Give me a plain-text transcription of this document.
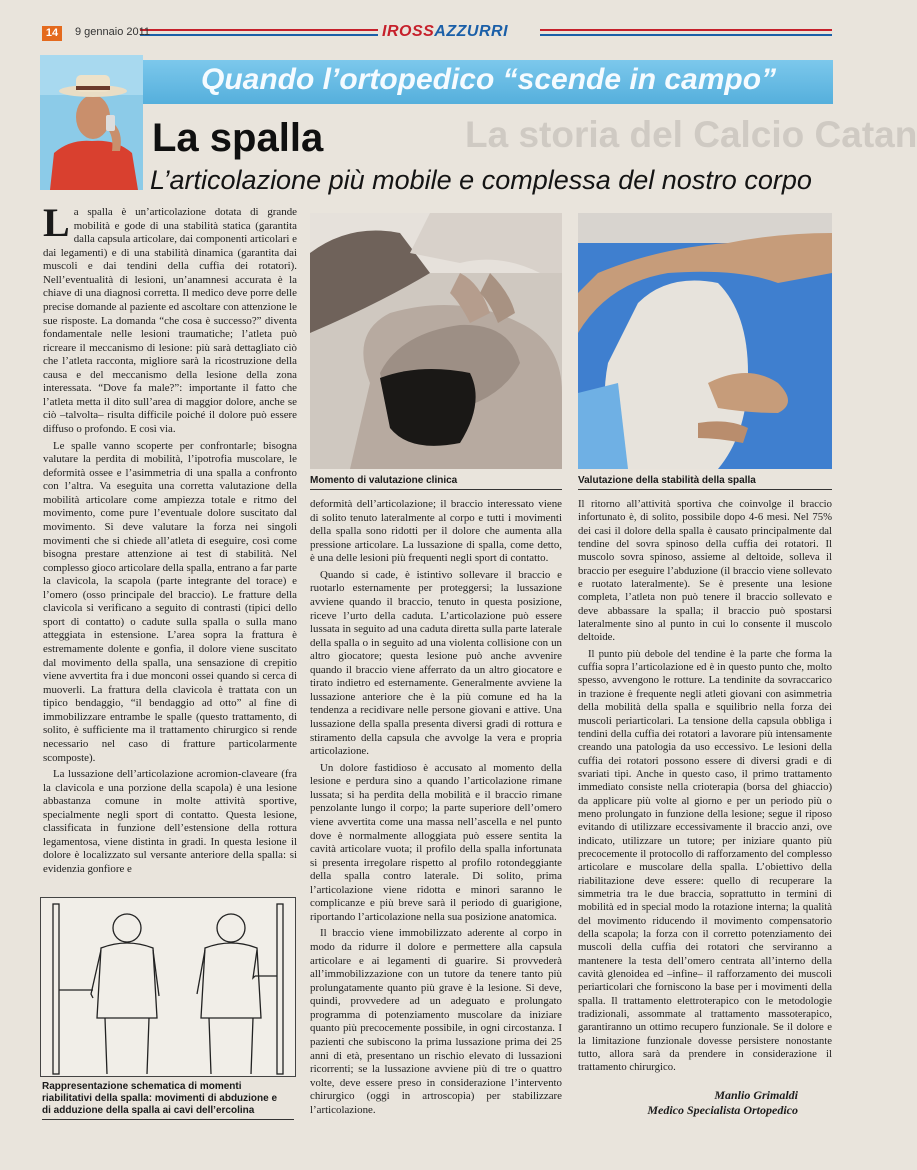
14	9 gennaio 2011	IROSSAZZURRI
Quando l’ortopedico “scende in campo”
La storia del Calcio Catan
La spalla
L’articolazione più mobile e complessa del nostro corpo
Momento di valutazione clinica	Valutazione della stabilità della spalla

La spalla è un’articolazione dotata di grande mobilità e gode di una stabilità statica (garantita dalla capsula articolare, dai componenti articolari e dai legamenti) e di una stabilità dinamica (garantita dai muscoli e dai tendini della cuffia dei rotatori). Nell’eventualità di lesioni, un’anamnesi accurata è la chiave di una diagnosi corretta. Il medico deve porre delle precise domande al paziente ed ascoltare con attenzione le sue risposte. La domanda “che cosa è successo?” diventa fondamentale nelle lesioni traumatiche; l’atleta può ricreare il meccanismo di lesione: più sarà dettagliato ciò che l’atleta racconta, migliore sarà la ricostruzione della causa e del meccanismo della lesione della zona interessata. “Dove fa male?”: importante il fatto che l’atleta metta il dito sull’area di maggior dolore, anche se ciò –talvolta– risulta difficile poiché il dolore può essere diffuso o profondo. E così via.

Le spalle vanno scoperte per confrontarle; bisogna valutare la perdita di mobilità, l’ipotrofia muscolare, le deformità ossee e l’asimmetria di una spalla a confronto con l’altra. Va eseguita una corretta valutazione della mobilità articolare come ampiezza totale e ritmo del movimento, come pure l’eventuale dolore suscitato dal movimento. Si deve valutare la forza nei singoli movimenti che si chiede all’atleta di eseguire, così come bisogna prestare attenzione ai test di stabilità. Nel complesso gioco articolare della spalla, entrano a far parte la clavicola, la scapola (parte integrante del torace) e l’omero (osso principale del braccio). Le fratture della clavicola si verificano a seguito di contrasti (tipici dello sport di contatto) o cadute sulla spalla o sulla mano atteggiata in estensione. L’area sopra la frattura è estremamente dolente e gonfia, il dolore viene suscitato dal movimento della spalla, una sensazione di crepitio viene avvertita fra i due monconi ossei quando si cerca di muoverli. La frattura della clavicola è trattata con un tipico bendaggio, “il bendaggio ad otto” al fine di immobilizzare entrambe le spalle (questo trattamento, di solito, è sufficiente ma il trattamento chirurgico si rende necessario nel caso di fratture particolarmente scomposte).

La lussazione dell’articolazione acromion-claveare (fra la clavicola e una porzione della scapola) è una lesione abbastanza comune in molte attività sportive, specialmente negli sport di contatto. Questa lesione, classificata in funzione dell’estensione della rottura legamentosa, viene distinta in gradi. In questa lesione il dolore è localizzato sul versante anteriore della spalla: si evidenzia gonfiore e

Rappresentazione schematica di momenti riabilitativi della spalla: movimenti di abduzione e di adduzione della spalla ai cavi dell’ercolina

deformità dell’articolazione; il braccio interessato viene di solito tenuto lateralmente al corpo e tutti i movimenti della spalla sono ridotti per il dolore che aumenta alla pressione articolare. La lussazione di spalla, come detto, è una delle lesioni più frequenti negli sport di contatto.

Quando si cade, è istintivo sollevare il braccio e ruotarlo esternamente per proteggersi; la lussazione avviene quando il braccio, tenuto in questa posizione, riceve l’urto della caduta. L’articolazione può essere lussata in seguito ad una caduta diretta sulla parte laterale della spalla o in seguito ad una violenta collisione con un altro giocatore; questa lesione può anche avvenire quando il braccio viene afferrato da un altro giocatore e tirato indietro ed esternamente. Generalmente avviene la lussazione anteriore che è la più comune ed ha la tendenza a recidivare nelle persone giovani e attive. Una lussazione della spalla presenta diversi gradi di rottura e stiramento della capsula che avvolge la vera e propria articolazione.

Un dolore fastidioso è accusato al momento della lesione e perdura sino a quando l’articolazione rimane lussata; si ha perdita della mobilità e il braccio rimane penzolante lungo il corpo; la parte superiore dell’omero viene avvertita come una massa nell’ascella e nel punto dove è normalmente alloggiata può essere sentita la cavità articolare vuota; il profilo della spalla infortunata si presenta irregolare rispetto al profilo rotondeggiante della spalla contro laterale. Di solito, prima l’articolazione viene ridotta e minori saranno le complicanze e più breve sarà il periodo di guarigione, riportando l’articolazione nella sua posizione anatomica.

Il braccio viene immobilizzato aderente al corpo in modo da ridurre il dolore e permettere alla capsula articolare e ai legamenti di guarire. Si provvederà all’immobilizzazione con un tutore da tenere tanto più prolungatamente quanto più grave è la lesione. Si deve, quindi, provvedere ad un adeguato e prolungato programma di potenziamento muscolare da iniziare quanto più precocemente possibile, in ogni circostanza. I pazienti che subiscono la prima lussazione prima dei 25 anni di età, presentano un rischio elevato di lussazioni ricorrenti; se la lussazione avviene più di tre o quattro volte, deve essere preso in considerazione l’intervento chirurgico (oggi in artroscopia) per stabilizzare l’articolazione.

Il ritorno all’attività sportiva che coinvolge il braccio infortunato è, di solito, possibile dopo 4-6 mesi. Nel 75% dei casi il dolore della spalla è causato principalmente dal tendine del sovra spinoso della cuffia dei rotatori. Il muscolo sovra spinoso, assieme al deltoide, solleva il braccio per eseguire l’abduzione (il braccio viene sollevato e ruotato lateralmente). Se è presente una lesione completa, l’atleta non può tenere il braccio sollevato e deve abbassare la spalla; il braccio può spostarsi lateralmente sino al punto in cui lo consente il muscolo deltoide.

Il punto più debole del tendine è la parte che forma la cuffia sopra l’articolazione ed è in questo punto che, molto spesso, avvengono le rotture. La tendinite da sovraccarico in trazione è frequente negli atleti giovani con asimmetria della mobilità della spalla e squilibrio nella forza dei muscoli periarticolari. La tensione della capsula obbliga i tendini della cuffia dei rotatori a lavorare più intensamente creando una patologia da uso eccessivo. Le lesioni della cuffia dei rotatori possono essere di diversi gradi e di svariati tipi. Anche in questo caso, il primo trattamento immediato consiste nella crioterapia (borsa del ghiaccio) da applicare più volte al giorno e per un periodo più o meno prolungato in funzione della lesione; segue il riposo evitando di utilizzare eccessivamente il braccio anzi, ove indicato, utilizzare un tutore; per iniziare quanto più precocemente il protocollo di rafforzamento del complesso articolare e muscolare della spalla. L’obiettivo della riabilitazione deve essere: quello di recuperare la simmetria tra le due braccia, soprattutto in termini di mobilità ed in special modo la rotazione interna; la qualità del movimento riducendo il movimento compensatorio della scapola; la forza con il corretto potenziamento dei muscoli della cuffia dei rotatori che serviranno a mantenere la testa dell’omero centrata all’interno della cavità glenoidea ed –infine– il rafforzamento dei muscoli periarticolari che forniscono la base per i movimenti della spalla. Il trattamento elettroterapico con le metodologie tradizionali, assommate al trattamento massoterapico, garantiranno un ottimo recupero funzionale. Se il dolore e la limitazione funzionale dovesse persistere nonostante tutto, allora sarà da prendere in considerazione il trattamento chirurgico.

Manlio Grimaldi
Medico Specialista Ortopedico
